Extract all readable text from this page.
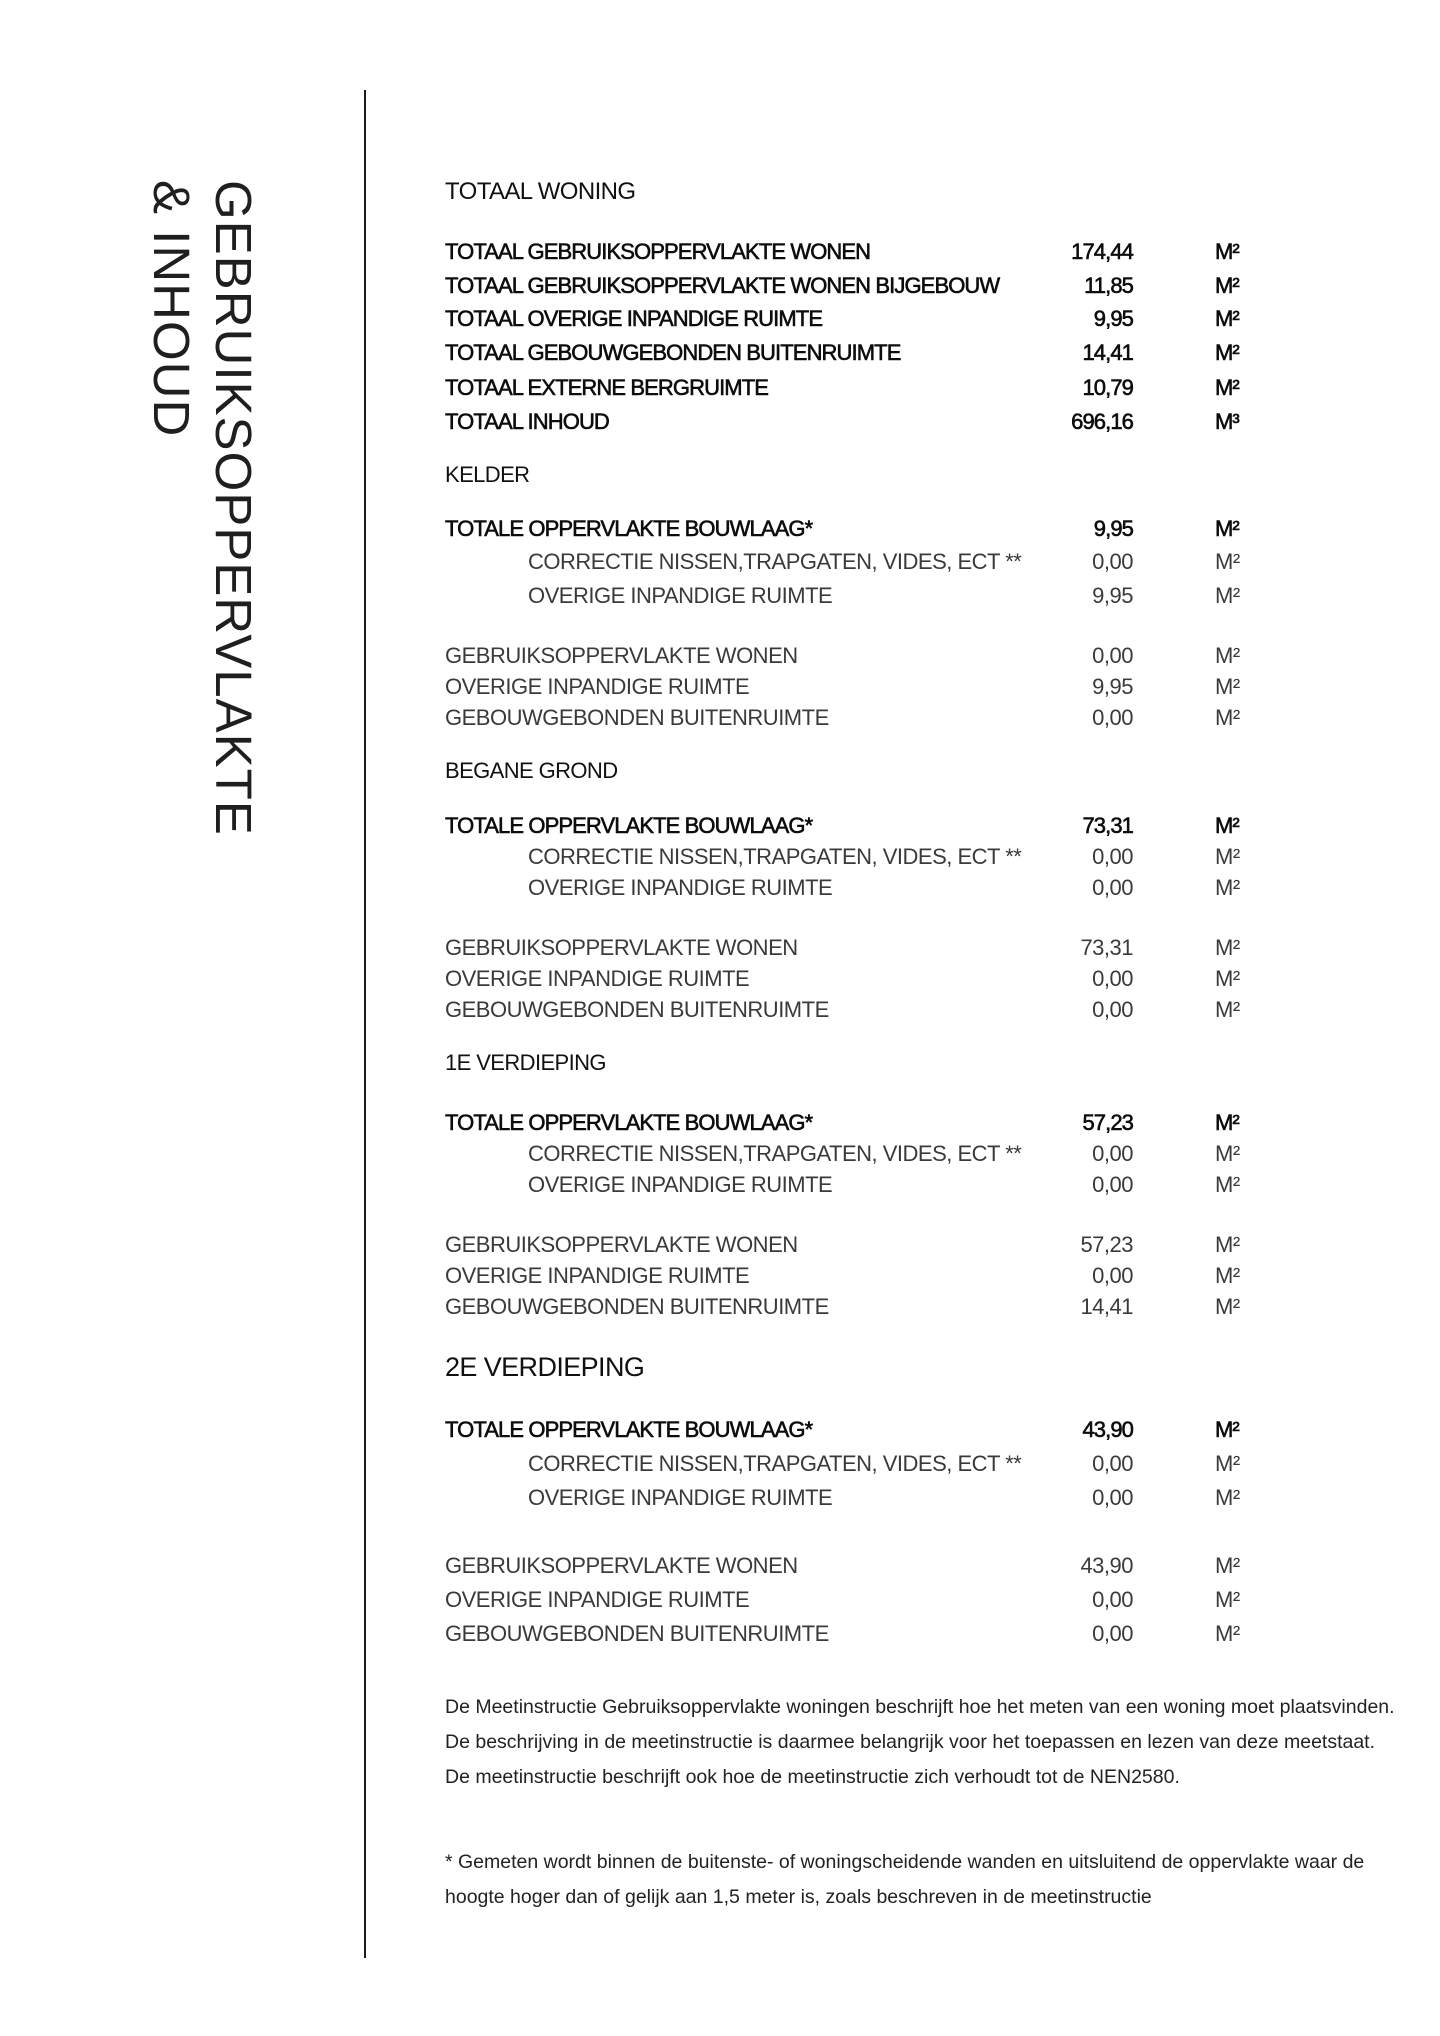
GEBRUIKSOPPERVLAKTE
& INHOUD	TOTAAL WONING
TOTAAL GEBRUIKSOPPERVLAKTE WONEN	174,44	M²
TOTAAL GEBRUIKSOPPERVLAKTE WONEN BIJGEBOUW	11,85	M²
TOTAAL OVERIGE INPANDIGE RUIMTE	9,95	M²
TOTAAL GEBOUWGEBONDEN BUITENRUIMTE	14,41	M²
TOTAAL EXTERNE BERGRUIMTE	10,79	M²
TOTAAL INHOUD	696,16	M³
KELDER
TOTALE OPPERVLAKTE BOUWLAAG*	9,95	M²
CORRECTIE NISSEN,TRAPGATEN, VIDES, ECT **	0,00	M²
OVERIGE INPANDIGE RUIMTE	9,95	M²
GEBRUIKSOPPERVLAKTE WONEN	0,00	M²
OVERIGE INPANDIGE RUIMTE	9,95	M²
GEBOUWGEBONDEN BUITENRUIMTE	0,00	M²
BEGANE GROND
TOTALE OPPERVLAKTE BOUWLAAG*	73,31	M²
CORRECTIE NISSEN,TRAPGATEN, VIDES, ECT **	0,00	M²
OVERIGE INPANDIGE RUIMTE	0,00	M²
GEBRUIKSOPPERVLAKTE WONEN	73,31	M²
OVERIGE INPANDIGE RUIMTE	0,00	M²
GEBOUWGEBONDEN BUITENRUIMTE	0,00	M²
1E VERDIEPING
TOTALE OPPERVLAKTE BOUWLAAG*	57,23	M²
CORRECTIE NISSEN,TRAPGATEN, VIDES, ECT **	0,00	M²
OVERIGE INPANDIGE RUIMTE	0,00	M²
GEBRUIKSOPPERVLAKTE WONEN	57,23	M²
OVERIGE INPANDIGE RUIMTE	0,00	M²
GEBOUWGEBONDEN BUITENRUIMTE	14,41	M²
2E VERDIEPING
TOTALE OPPERVLAKTE BOUWLAAG*	43,90	M²
CORRECTIE NISSEN,TRAPGATEN, VIDES, ECT **	0,00	M²
OVERIGE INPANDIGE RUIMTE	0,00	M²
GEBRUIKSOPPERVLAKTE WONEN	43,90	M²
OVERIGE INPANDIGE RUIMTE	0,00	M²
GEBOUWGEBONDEN BUITENRUIMTE	0,00	M²
De Meetinstructie Gebruiksoppervlakte woningen beschrijft hoe het meten van een woning moet plaatsvinden. De beschrijving in de meetinstructie is daarmee belangrijk voor het toepassen en lezen van deze meetstaat. De meetinstructie beschrijft ook hoe de meetinstructie zich verhoudt tot de NEN2580.
* Gemeten wordt binnen de buitenste- of woningscheidende wanden en uitsluitend de oppervlakte waar de hoogte hoger dan of gelijk aan 1,5 meter is, zoals beschreven in de meetinstructie
